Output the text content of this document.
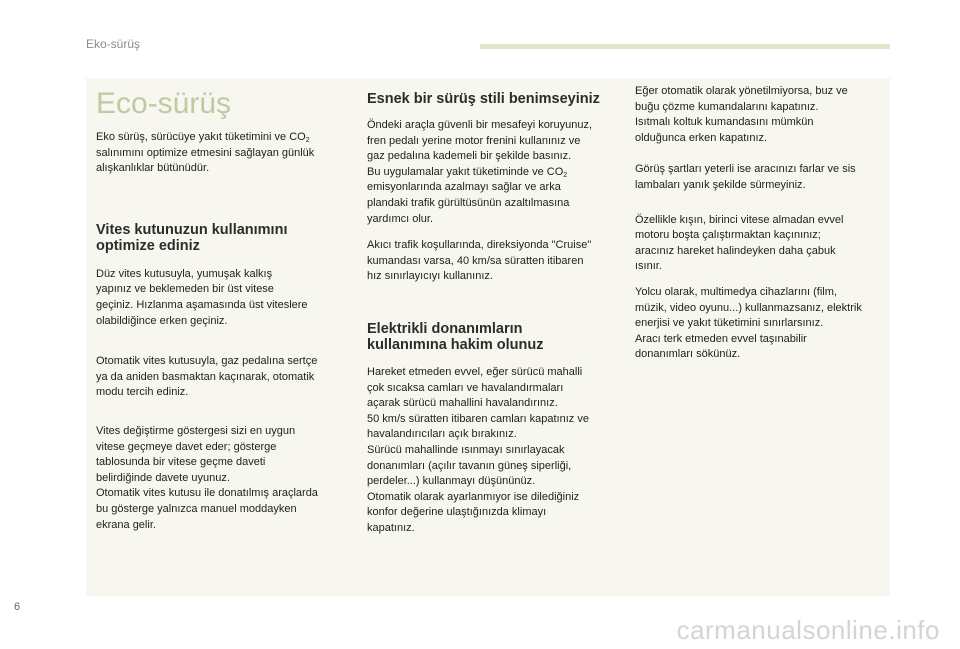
Eko-sürüş
Eco-sürüş

Eko sürüş, sürücüye yakıt tüketimini ve $CO_2$
salınımını optimize etmesini sağlayan günlük
alışkanlıklar bütünüdür.

Vites kutunuzun kullanımını
optimize ediniz

Düz vites kutusuyla, yumuşak kalkış
yapınız ve beklemeden bir üst vitese
geçiniz. Hızlanma aşamasında üst viteslere
olabildiğince erken geçiniz.

Otomatik vites kutusuyla, gaz pedalına sertçe
ya da aniden basmaktan kaçınarak, otomatik
modu tercih ediniz.

Vites değiştirme göstergesi sizi en uygun
vitese geçmeye davet eder; gösterge
tablosunda bir vitese geçme daveti
belirdiğinde davete uyunuz.
Otomatik vites kutusu ile donatılmış araçlarda
bu gösterge yalnızca manuel moddayken
ekrana gelir.

Esnek bir sürüş stili benimseyiniz

Öndeki araçla güvenli bir mesafeyi koruyunuz,
fren pedalı yerine motor frenini kullanınız ve
gaz pedalına kademeli bir şekilde basınız.
Bu uygulamalar yakıt tüketiminde ve $CO_2$
emisyonlarında azalmayı sağlar ve arka
plandaki trafik gürültüsünün azaltılmasına
yardımcı olur.

Akıcı trafik koşullarında, direksiyonda "Cruise"
kumandası varsa, 40 km/sa süratten itibaren
hız sınırlayıcıyı kullanınız.

Elektrikli donanımların
kullanımına hakim olunuz

Hareket etmeden evvel, eğer sürücü mahalli
çok sıcaksa camları ve havalandırmaları
açarak sürücü mahallini havalandırınız.
50 km/s süratten itibaren camları kapatınız ve
havalandırıcıları açık bırakınız.
Sürücü mahallinde ısınmayı sınırlayacak
donanımları (açılır tavanın güneş siperliği,
perdeler...) kullanmayı düşününüz.
Otomatik olarak ayarlanmıyor ise dilediğiniz
konfor değerine ulaştığınızda klimayı
kapatınız.

Eğer otomatik olarak yönetilmiyorsa, buz ve
buğu çözme kumandalarını kapatınız.
Isıtmalı koltuk kumandasını mümkün
olduğunca erken kapatınız.

Görüş şartları yeterli ise aracınızı farlar ve sis
lambaları yanık şekilde sürmeyiniz.

Özellikle kışın, birinci vitese almadan evvel
motoru boşta çalıştırmaktan kaçınınız;
aracınız hareket halindeyken daha çabuk
ısınır.

Yolcu olarak, multimedya cihazlarını (film,
müzik, video oyunu...) kullanmazsanız, elektrik
enerjisi ve yakıt tüketimini sınırlarsınız.
Aracı terk etmeden evvel taşınabilir
donanımları sökünüz.

6
carmanualsonline.info
